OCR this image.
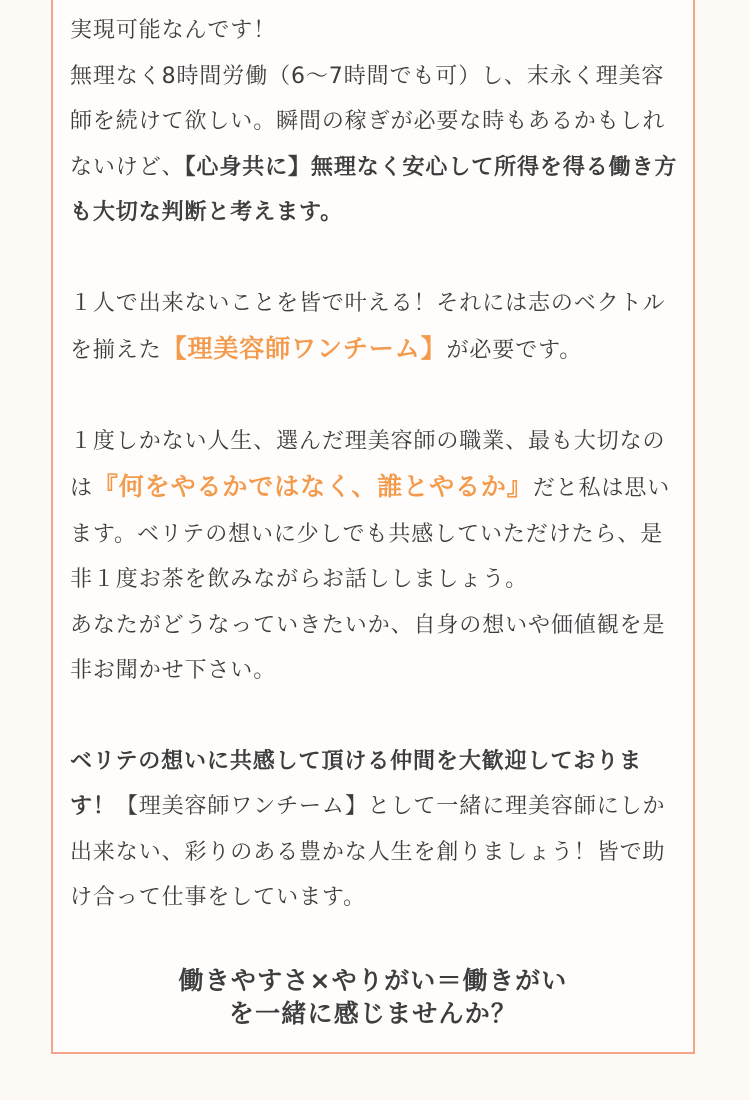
実現可能なんです！
無理なく8時間労働（6〜7時間でも可）し、末永く理美容師を続けて欲しい。瞬間の稼ぎが必要な時もあるかもしれないけど、【心身共に】無理なく安心して所得を得る働き方も大切な判断と考えます。

１人で出来ないことを皆で叶える！それには志のベクトルを揃えた【理美容師ワンチーム】が必要です。

１度しかない人生、選んだ理美容師の職業、最も大切なのは『何をやるかではなく、誰とやるか』だと私は思います。ベリテの想いに少しでも共感していただけたら、是非１度お茶を飲みながらお話ししましょう。
あなたがどうなっていきたいか、自身の想いや価値観を是非お聞かせ下さい。

ベリテの想いに共感して頂ける仲間を大歓迎しております！【理美容師ワンチーム】として一緒に理美容師にしか出来ない、彩りのある豊かな人生を創りましょう！皆で助け合って仕事をしています。

働きやすさ×やりがい＝働きがい
を一緒に感じませんか？
